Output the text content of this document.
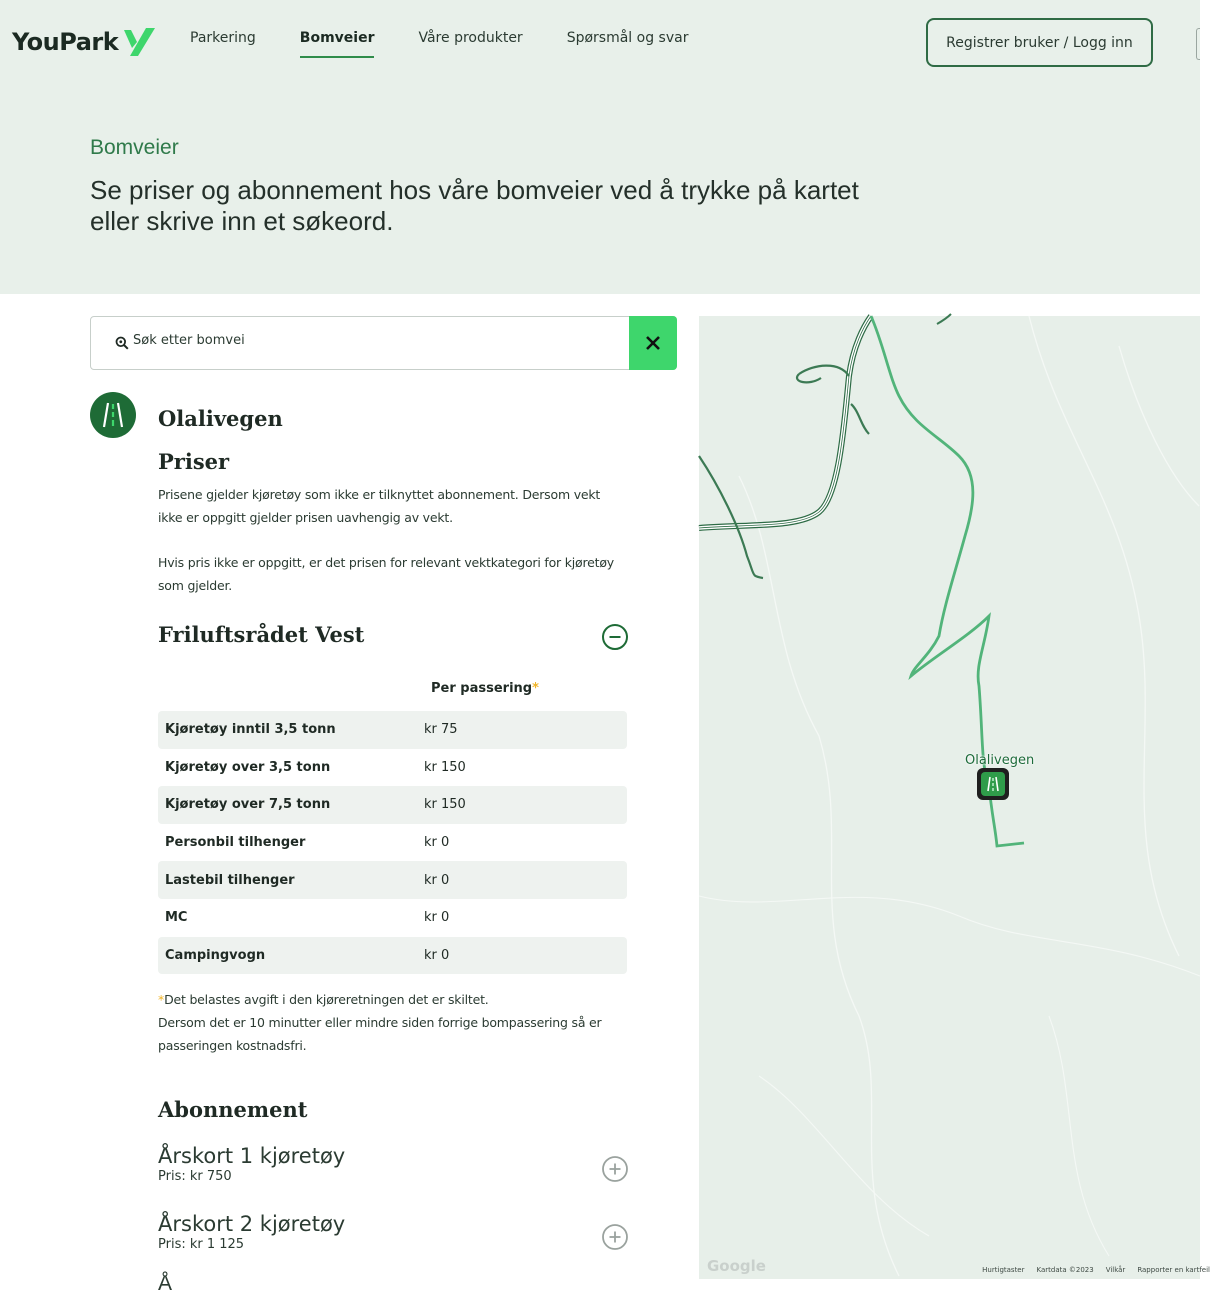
YouPark	Parkering	Bomveier	Våre produkter	Spørsmål og svar	Registrer bruker / Logg inn
Bomveier
Se priser og abonnement hos våre bomveier ved å trykke på kartet eller skrive inn et søkeord.
Søk etter bomvei
Olalivegen
Priser

Prisene gjelder kjøretøy som ikke er tilknyttet abonnement. Dersom vekt ikke er oppgitt gjelder prisen uavhengig av vekt.

Hvis pris ikke er oppgitt, er det prisen for relevant vektkategori for kjøretøy som gjelder.

Friluftsrådet Vest
Per passering*
Kjøretøy inntil 3,5 tonn	kr 75
Kjøretøy over 3,5 tonn	kr 150
Kjøretøy over 7,5 tonn	kr 150
Personbil tilhenger	kr 0
Lastebil tilhenger	kr 0
MC	kr 0
Campingvogn	kr 0
*Det belastes avgift i den kjøreretningen det er skiltet.
Dersom det er 10 minutter eller mindre siden forrige bompassering så er passeringen kostnadsfri.
Abonnement
Årskort 1 kjøretøy
Pris: kr 750
Årskort 2 kjøretøy
Pris: kr 1 125
Å
Olalivegen
Google	Hurtigtaster Kartdata ©2023 Vilkår Rapporter en kartfeil
